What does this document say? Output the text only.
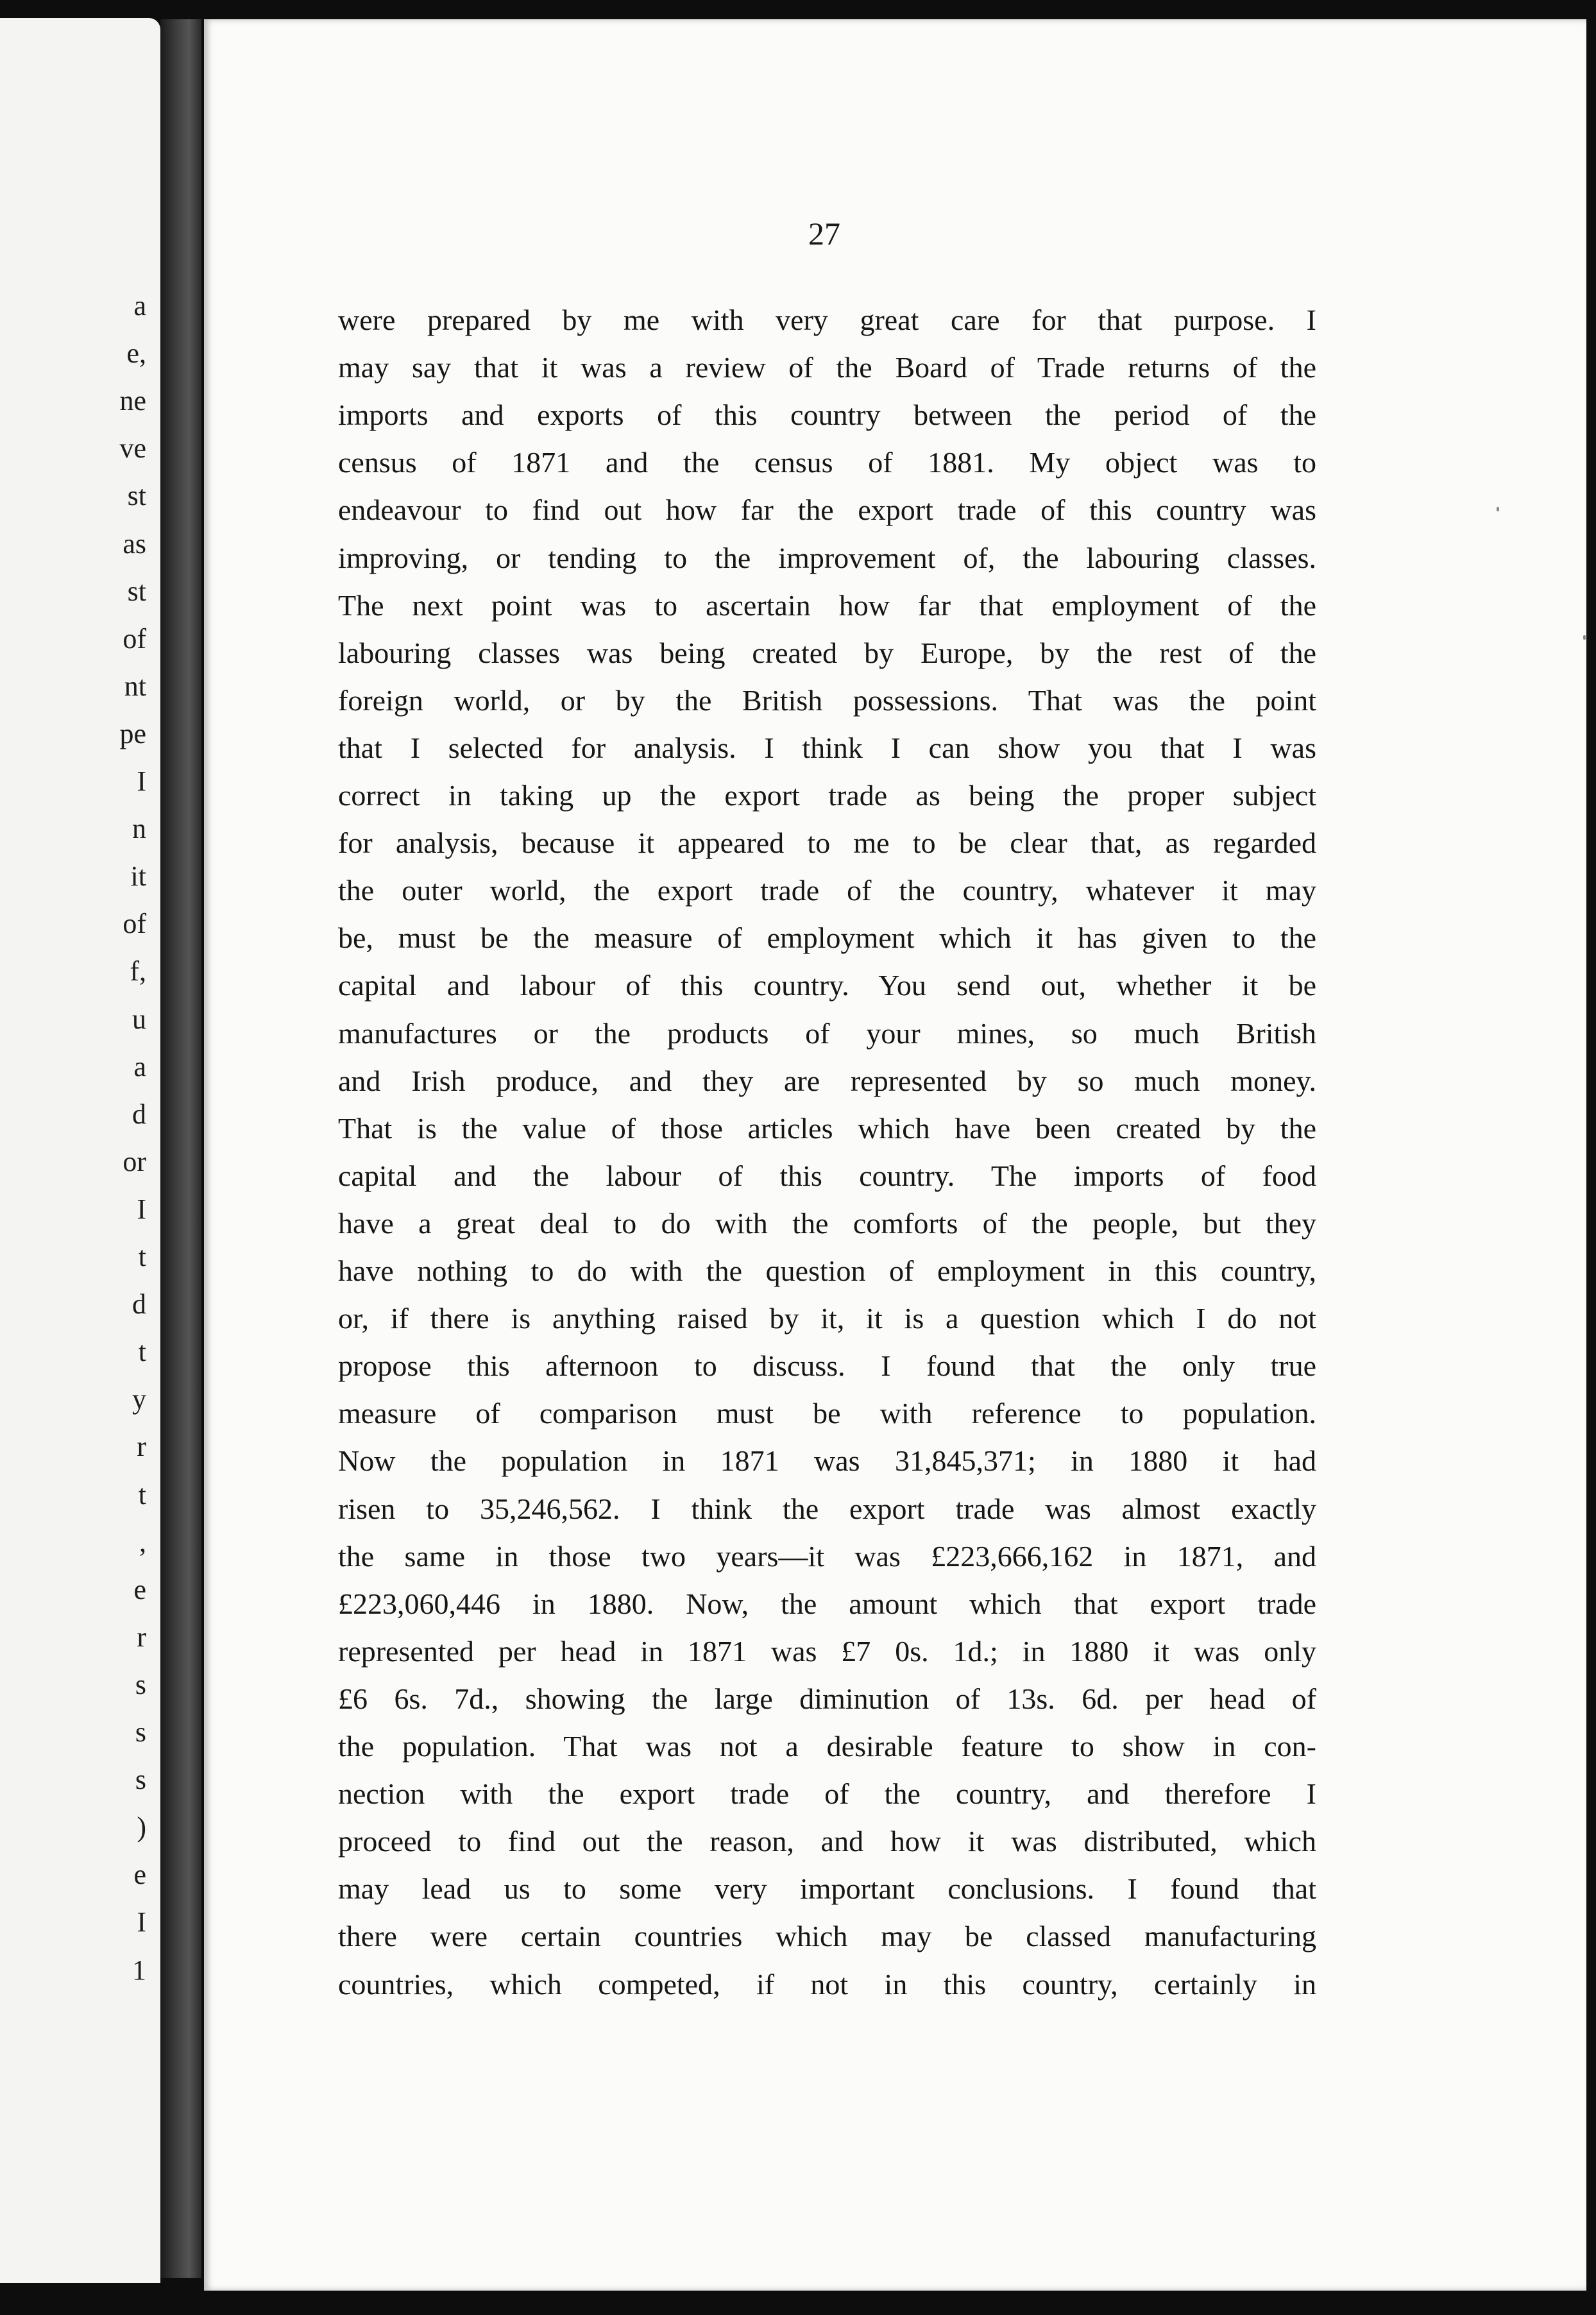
a

e,

ne

ve

st

as

st

of

nt

pe

I

n

it

of

f,

u

a

d

or

I

t

d

t

y

r

t

,

e

r

s

s

s

)

e

I

1

27

were prepared by me with very great care for that purpose. I

may say that it was a review of the Board of Trade returns of the

imports and exports of this country between the period of the

census of 1871 and the census of 1881. My object was to

endeavour to find out how far the export trade of this country was

improving, or tending to the improvement of, the labouring classes.

The next point was to ascertain how far that employment of the

labouring classes was being created by Europe, by the rest of the

foreign world, or by the British possessions. That was the point

that I selected for analysis. I think I can show you that I was

correct in taking up the export trade as being the proper subject

for analysis, because it appeared to me to be clear that, as regarded

the outer world, the export trade of the country, whatever it may

be, must be the measure of employment which it has given to the

capital and labour of this country. You send out, whether it be

manufactures or the products of your mines, so much British

and Irish produce, and they are represented by so much money.

That is the value of those articles which have been created by the

capital and the labour of this country. The imports of food

have a great deal to do with the comforts of the people, but they

have nothing to do with the question of employment in this country,

or, if there is anything raised by it, it is a question which I do not

propose this afternoon to discuss. I found that the only true

measure of comparison must be with reference to population.

Now the population in 1871 was 31,845,371; in 1880 it had

risen to 35,246,562. I think the export trade was almost exactly

the same in those two years—it was £223,666,162 in 1871, and

£223,060,446 in 1880. Now, the amount which that export trade

represented per head in 1871 was £7 0s. 1d.; in 1880 it was only

£6 6s. 7d., showing the large diminution of 13s. 6d. per head of

the population. That was not a desirable feature to show in con-

nection with the export trade of the country, and therefore I

proceed to find out the reason, and how it was distributed, which

may lead us to some very important conclusions. I found that

there were certain countries which may be classed manufacturing

countries, which competed, if not in this country, certainly in
